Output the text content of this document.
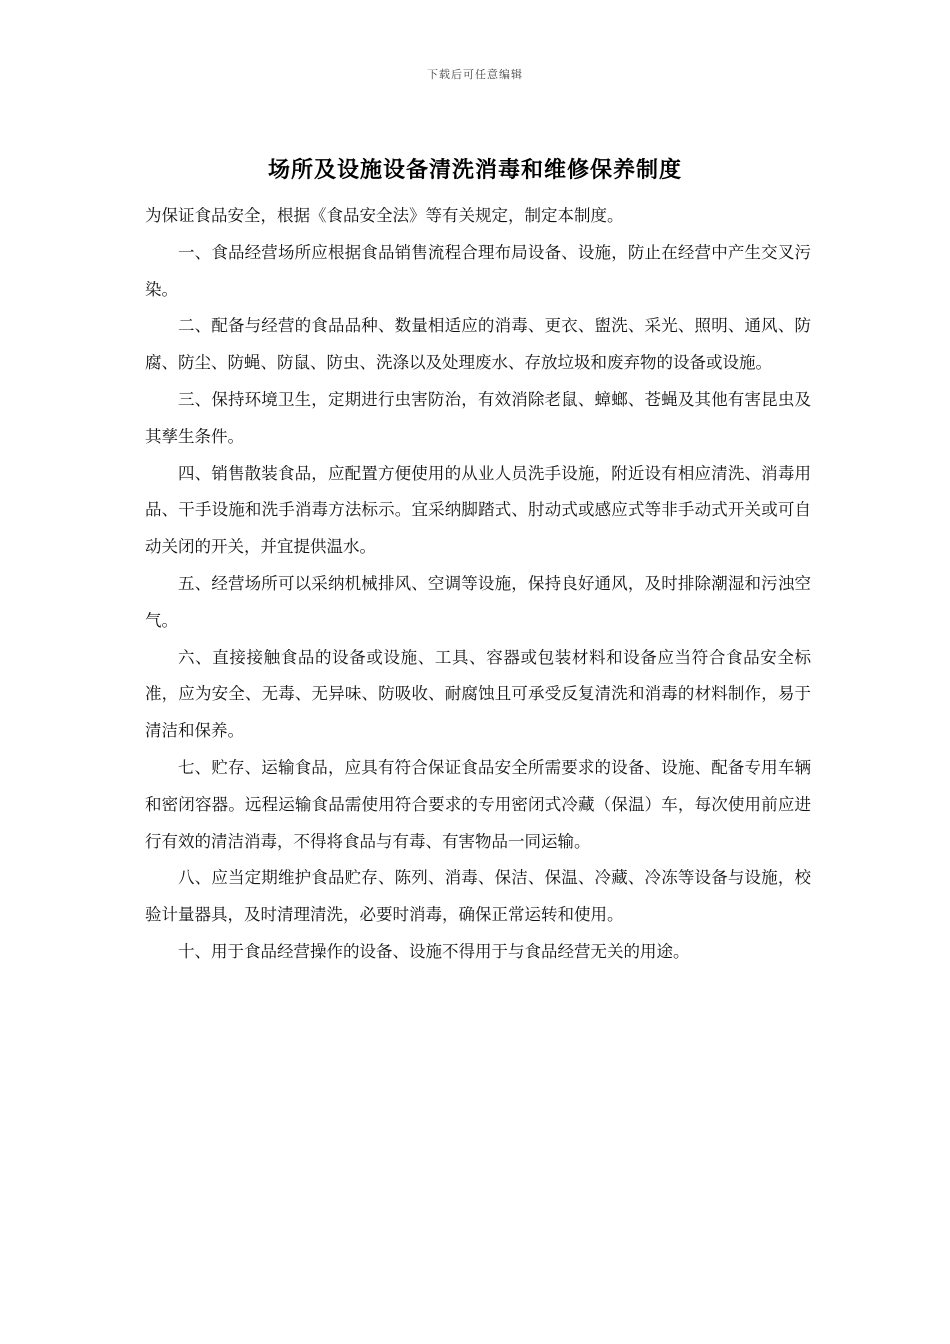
下载后可任意编辑
场所及设施设备清洗消毒和维修保养制度

为保证食品安全，根据《食品安全法》等有关规定，制定本制度。

一、食品经营场所应根据食品销售流程合理布局设备、设施，防止在经营中产生交叉污染。

二、配备与经营的食品品种、数量相适应的消毒、更衣、盥洗、采光、照明、通风、防腐、防尘、防蝇、防鼠、防虫、洗涤以及处理废水、存放垃圾和废弃物的设备或设施。

三、保持环境卫生，定期进行虫害防治，有效消除老鼠、蟑螂、苍蝇及其他有害昆虫及其孳生条件。

四、销售散装食品，应配置方便使用的从业人员洗手设施，附近设有相应清洗、消毒用品、干手设施和洗手消毒方法标示。宜采纳脚踏式、肘动式或感应式等非手动式开关或可自动关闭的开关，并宜提供温水。

五、经营场所可以采纳机械排风、空调等设施，保持良好通风，及时排除潮湿和污浊空气。

六、直接接触食品的设备或设施、工具、容器或包装材料和设备应当符合食品安全标准，应为安全、无毒、无异味、防吸收、耐腐蚀且可承受反复清洗和消毒的材料制作，易于清洁和保养。

七、贮存、运输食品，应具有符合保证食品安全所需要求的设备、设施、配备专用车辆和密闭容器。远程运输食品需使用符合要求的专用密闭式冷藏（保温）车，每次使用前应进行有效的清洁消毒，不得将食品与有毒、有害物品一同运输。

八、应当定期维护食品贮存、陈列、消毒、保洁、保温、冷藏、冷冻等设备与设施，校验计量器具，及时清理清洗，必要时消毒，确保正常运转和使用。

十、用于食品经营操作的设备、设施不得用于与食品经营无关的用途。
